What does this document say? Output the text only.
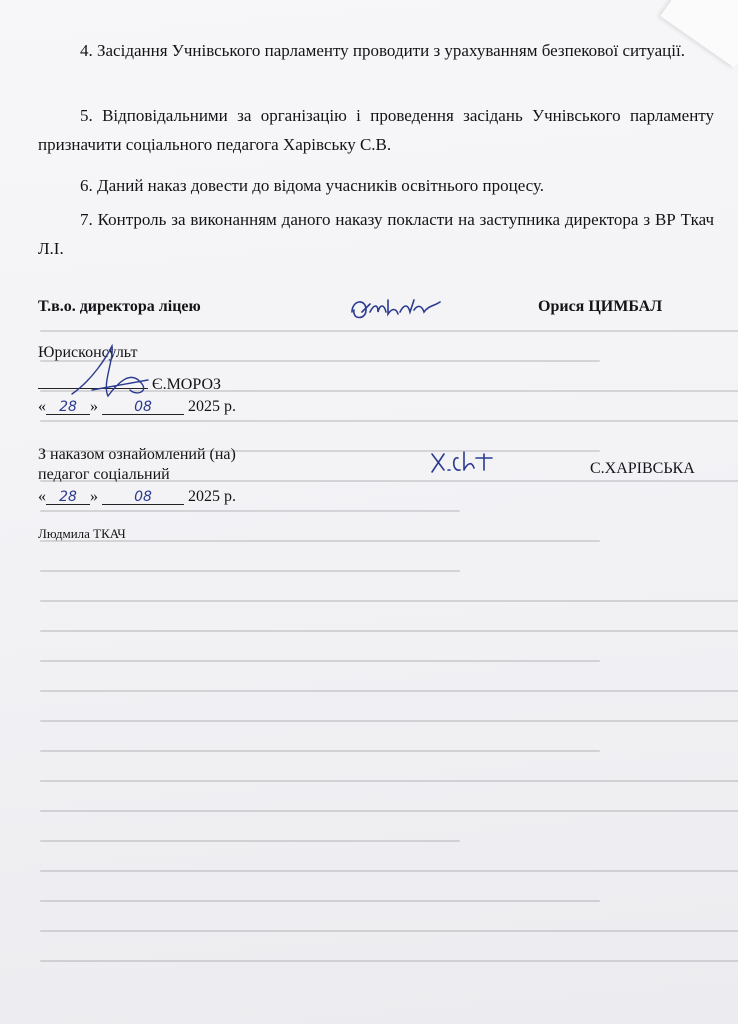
4. Засідання Учнівського парламенту проводити з урахуванням безпекової ситуації.

5. Відповідальними за організацію і проведення засідань Учнівського парламенту призначити соціального педагога Харівську С.В.

6. Даний наказ довести до відома учасників освітнього процесу.

7. Контроль за виконанням даного наказу покласти на заступника директора з ВР Ткач Л.І.

Т.в.о. директора ліцею	Орися ЦИМБАЛ
Юрисконсульт
Є.МОРОЗ
« 28 »	08 2025 р.
З наказом ознайомлений (на)
педагог соціальний	С.ХАРІВСЬКА
« 28 »	08 2025 р.
Людмила ТКАЧ
